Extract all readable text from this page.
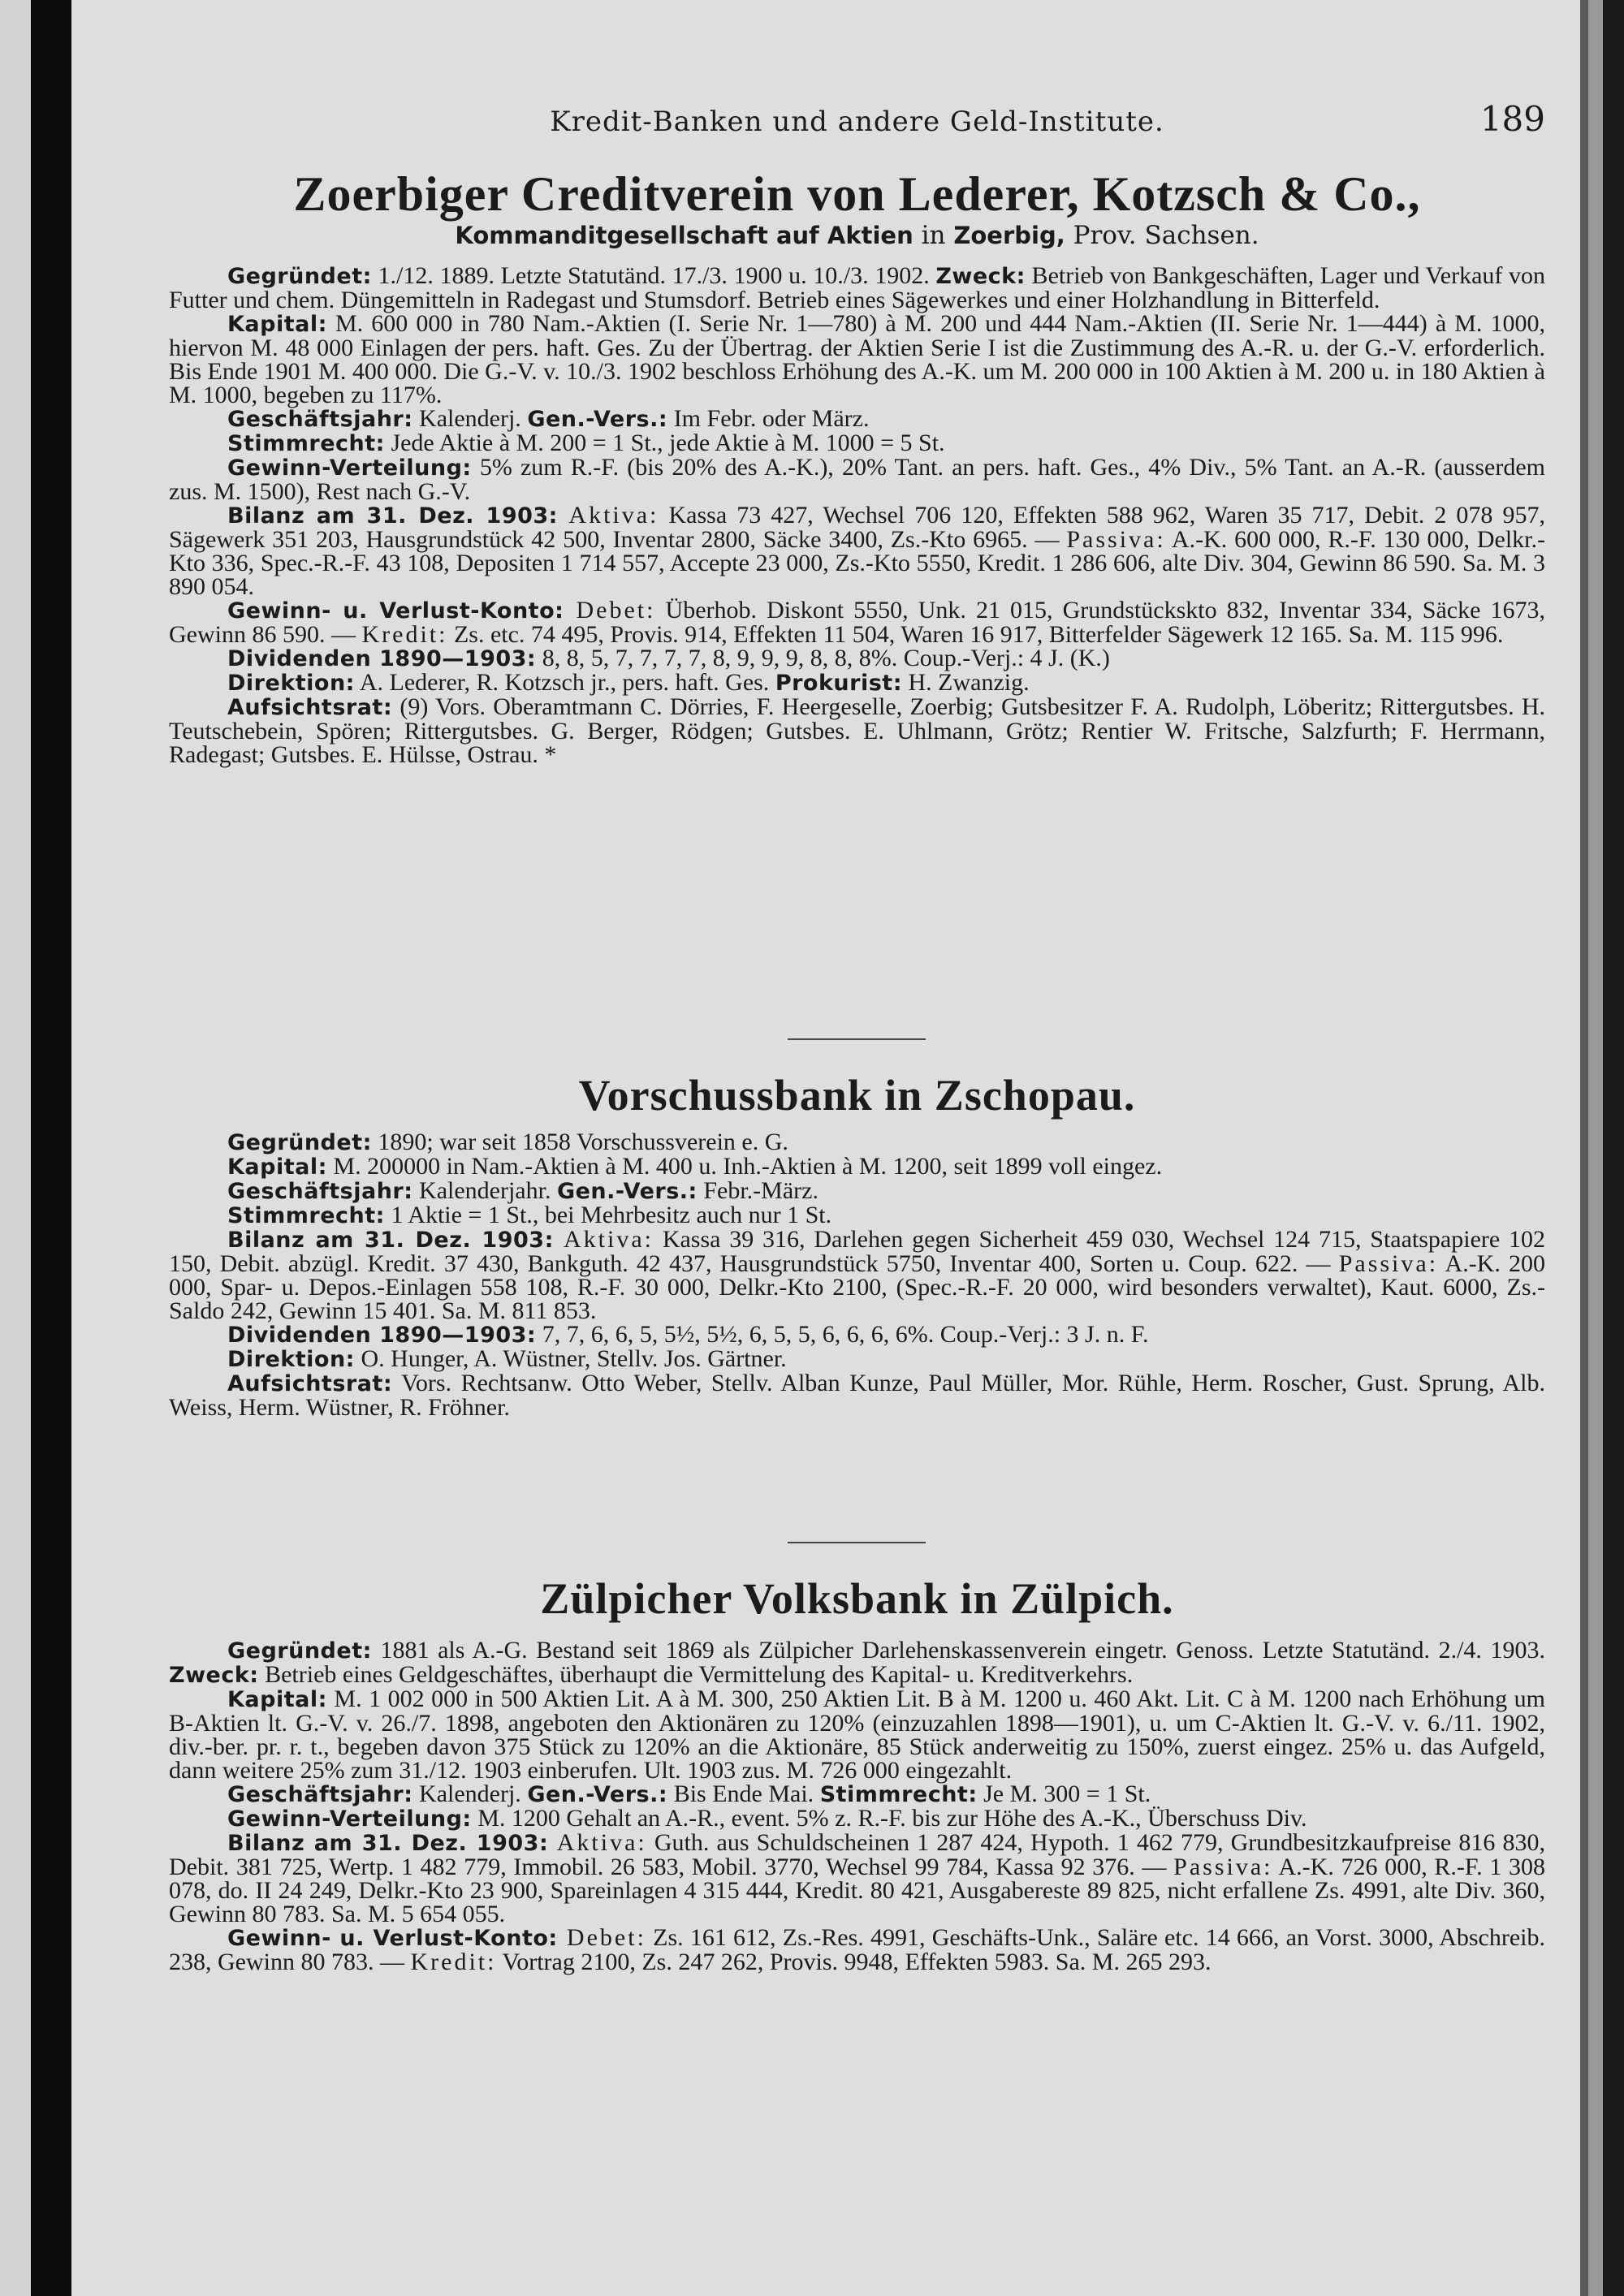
Kredit-Banken und andere Geld-Institute.	189
Zoerbiger Creditverein von Lederer, Kotzsch & Co.,
Kommanditgesellschaft auf Aktien in Zoerbig, Prov. Sachsen.

Gegründet: 1./12. 1889. Letzte Statutänd. 17./3. 1900 u. 10./3. 1902. Zweck: Betrieb von Bankgeschäften, Lager und Verkauf von Futter und chem. Düngemitteln in Radegast und Stumsdorf. Betrieb eines Sägewerkes und einer Holzhandlung in Bitterfeld.

Kapital: M. 600 000 in 780 Nam.-Aktien (I. Serie Nr. 1—780) à M. 200 und 444 Nam.-Aktien (II. Serie Nr. 1—444) à M. 1000, hiervon M. 48 000 Einlagen der pers. haft. Ges. Zu der Übertrag. der Aktien Serie I ist die Zustimmung des A.-R. u. der G.-V. erforderlich. Bis Ende 1901 M. 400 000. Die G.-V. v. 10./3. 1902 beschloss Erhöhung des A.-K. um M. 200 000 in 100 Aktien à M. 200 u. in 180 Aktien à M. 1000, begeben zu 117%.

Geschäftsjahr: Kalenderj. Gen.-Vers.: Im Febr. oder März.

Stimmrecht: Jede Aktie à M. 200 = 1 St., jede Aktie à M. 1000 = 5 St.

Gewinn-Verteilung: 5% zum R.-F. (bis 20% des A.-K.), 20% Tant. an pers. haft. Ges., 4% Div., 5% Tant. an A.-R. (ausserdem zus. M. 1500), Rest nach G.-V.

Bilanz am 31. Dez. 1903: Aktiva: Kassa 73 427, Wechsel 706 120, Effekten 588 962, Waren 35 717, Debit. 2 078 957, Sägewerk 351 203, Hausgrundstück 42 500, Inventar 2800, Säcke 3400, Zs.-Kto 6965. — Passiva: A.-K. 600 000, R.-F. 130 000, Delkr.-Kto 336, Spec.-R.-F. 43 108, Depositen 1 714 557, Accepte 23 000, Zs.-Kto 5550, Kredit. 1 286 606, alte Div. 304, Gewinn 86 590. Sa. M. 3 890 054.

Gewinn- u. Verlust-Konto: Debet: Überhob. Diskont 5550, Unk. 21 015, Grundstückskto 832, Inventar 334, Säcke 1673, Gewinn 86 590. — Kredit: Zs. etc. 74 495, Provis. 914, Effekten 11 504, Waren 16 917, Bitterfelder Sägewerk 12 165. Sa. M. 115 996.

Dividenden 1890—1903: 8, 8, 5, 7, 7, 7, 7, 8, 9, 9, 9, 8, 8, 8%. Coup.-Verj.: 4 J. (K.)

Direktion: A. Lederer, R. Kotzsch jr., pers. haft. Ges. Prokurist: H. Zwanzig.

Aufsichtsrat: (9) Vors. Oberamtmann C. Dörries, F. Heergeselle, Zoerbig; Gutsbesitzer F. A. Rudolph, Löberitz; Rittergutsbes. H. Teutschebein, Spören; Rittergutsbes. G. Berger, Rödgen; Gutsbes. E. Uhlmann, Grötz; Rentier W. Fritsche, Salzfurth; F. Herrmann, Radegast; Gutsbes. E. Hülsse, Ostrau. *

Vorschussbank in Zschopau.

Gegründet: 1890; war seit 1858 Vorschussverein e. G.

Kapital: M. 200000 in Nam.-Aktien à M. 400 u. Inh.-Aktien à M. 1200, seit 1899 voll eingez.

Geschäftsjahr: Kalenderjahr. Gen.-Vers.: Febr.-März.

Stimmrecht: 1 Aktie = 1 St., bei Mehrbesitz auch nur 1 St.

Bilanz am 31. Dez. 1903: Aktiva: Kassa 39 316, Darlehen gegen Sicherheit 459 030, Wechsel 124 715, Staatspapiere 102 150, Debit. abzügl. Kredit. 37 430, Bankguth. 42 437, Hausgrundstück 5750, Inventar 400, Sorten u. Coup. 622. — Passiva: A.-K. 200 000, Spar- u. Depos.-Einlagen 558 108, R.-F. 30 000, Delkr.-Kto 2100, (Spec.-R.-F. 20 000, wird besonders verwaltet), Kaut. 6000, Zs.-Saldo 242, Gewinn 15 401. Sa. M. 811 853.

Dividenden 1890—1903: 7, 7, 6, 6, 5, 5½, 5½, 6, 5, 5, 6, 6, 6, 6%. Coup.-Verj.: 3 J. n. F.

Direktion: O. Hunger, A. Wüstner, Stellv. Jos. Gärtner.

Aufsichtsrat: Vors. Rechtsanw. Otto Weber, Stellv. Alban Kunze, Paul Müller, Mor. Rühle, Herm. Roscher, Gust. Sprung, Alb. Weiss, Herm. Wüstner, R. Fröhner.

Zülpicher Volksbank in Zülpich.

Gegründet: 1881 als A.-G. Bestand seit 1869 als Zülpicher Darlehenskassenverein eingetr. Genoss. Letzte Statutänd. 2./4. 1903. Zweck: Betrieb eines Geldgeschäftes, überhaupt die Vermittelung des Kapital- u. Kreditverkehrs.

Kapital: M. 1 002 000 in 500 Aktien Lit. A à M. 300, 250 Aktien Lit. B à M. 1200 u. 460 Akt. Lit. C à M. 1200 nach Erhöhung um B-Aktien lt. G.-V. v. 26./7. 1898, angeboten den Aktionären zu 120% (einzuzahlen 1898—1901), u. um C-Aktien lt. G.-V. v. 6./11. 1902, div.-ber. pr. r. t., begeben davon 375 Stück zu 120% an die Aktionäre, 85 Stück anderweitig zu 150%, zuerst eingez. 25% u. das Aufgeld, dann weitere 25% zum 31./12. 1903 einberufen. Ult. 1903 zus. M. 726 000 eingezahlt.

Geschäftsjahr: Kalenderj. Gen.-Vers.: Bis Ende Mai. Stimmrecht: Je M. 300 = 1 St.

Gewinn-Verteilung: M. 1200 Gehalt an A.-R., event. 5% z. R.-F. bis zur Höhe des A.-K., Überschuss Div.

Bilanz am 31. Dez. 1903: Aktiva: Guth. aus Schuldscheinen 1 287 424, Hypoth. 1 462 779, Grundbesitzkaufpreise 816 830, Debit. 381 725, Wertp. 1 482 779, Immobil. 26 583, Mobil. 3770, Wechsel 99 784, Kassa 92 376. — Passiva: A.-K. 726 000, R.-F. 1 308 078, do. II 24 249, Delkr.-Kto 23 900, Spareinlagen 4 315 444, Kredit. 80 421, Ausgabereste 89 825, nicht erfallene Zs. 4991, alte Div. 360, Gewinn 80 783. Sa. M. 5 654 055.

Gewinn- u. Verlust-Konto: Debet: Zs. 161 612, Zs.-Res. 4991, Geschäfts-Unk., Saläre etc. 14 666, an Vorst. 3000, Abschreib. 238, Gewinn 80 783. — Kredit: Vortrag 2100, Zs. 247 262, Provis. 9948, Effekten 5983. Sa. M. 265 293.
